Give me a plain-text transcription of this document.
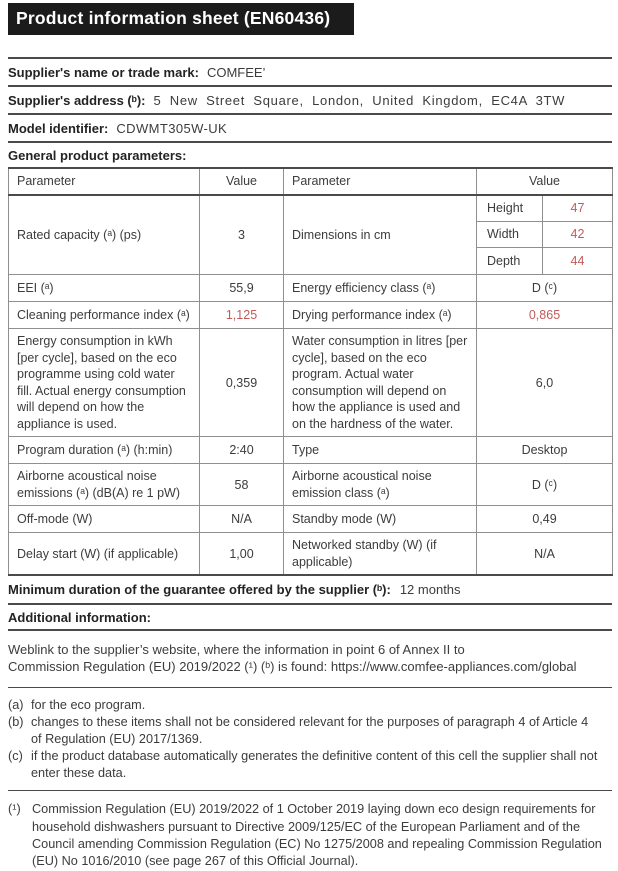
Product information sheet (EN60436)
Supplier's name or trade mark: COMFEE’
Supplier's address (ᵇ): 5 New Street Square, London, United Kingdom, EC4A 3TW
Model identifier: CDWMT305W-UK
General product parameters:
Parameter	Value	Parameter	Value
Rated capacity (ᵃ) (ps)	3	Dimensions in cm	
Height	47
Width	42
Depth	44

EEI (ᵃ)	55,9	Energy efficiency class (ᵃ)	D (ᶜ)
Cleaning performance index (ᵃ)	1,125	Drying performance index (ᵃ)	0,865
Energy consumption in kWh [per cycle], based on the eco programme using cold water fill. Actual energy consumption will depend on how the appliance is used.	0,359	Water consumption in litres [per cycle], based on the eco program. Actual water consumption will depend on how the appliance is used and on the hardness of the water.	6,0
Program duration (ᵃ) (h:min)	2:40	Type	Desktop
Airborne acoustical noise emissions (ᵃ) (dB(A) re 1 pW)	58	Airborne acoustical noise emission class (ᵃ)	D (ᶜ)
Off-mode (W)	N/A	Standby mode (W)	0,49
Delay start (W) (if applicable)	1,00	Networked standby (W) (if applicable)	N/A
Minimum duration of the guarantee offered by the supplier (ᵇ): 12 months
Additional information:
Weblink to the supplier’s website, where the information in point 6 of Annex II to
Commission Regulation (EU) 2019/2022 (¹) (ᵇ) is found: https://www.comfee-appliances.com/global
(a) for the eco program.
(b) changes to these items shall not be considered relevant for the purposes of paragraph 4 of Article 4 of Regulation (EU) 2017/1369.
(c) if the product database automatically generates the definitive content of this cell the supplier shall not enter these data.
(¹) Commission Regulation (EU) 2019/2022 of 1 October 2019 laying down eco design requirements for household dishwashers pursuant to Directive 2009/125/EC of the European Parliament and of the Council amending Commission Regulation (EC) No 1275/2008 and repealing Commission Regulation (EU) No 1016/2010 (see page 267 of this Official Journal).
